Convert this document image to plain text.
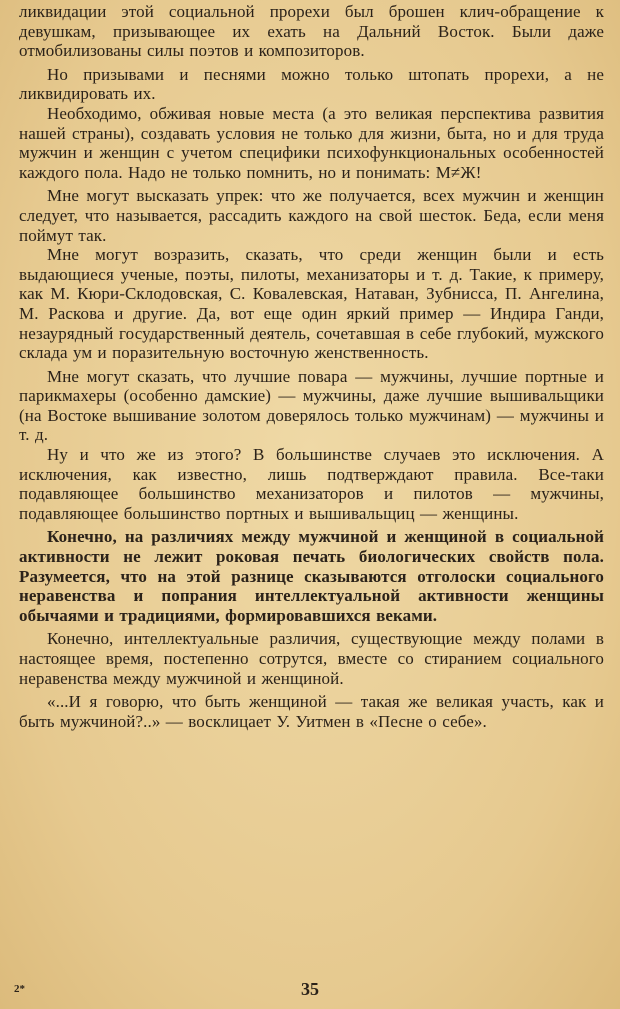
ликвидации этой социальной прорехи был брошен клич-обращение к девушкам, призывающее их ехать на Дальний Восток. Были даже отмобилизованы силы поэтов и композиторов.

Но призывами и песнями можно только штопать прорехи, а не ликвидировать их.

Необходимо, обживая новые места (а это великая перспектива развития нашей страны), создавать условия не только для жизни, быта, но и для труда мужчин и женщин с учетом специфики психофункциональных особенностей каждого пола. Надо не только помнить, но и понимать: М≠Ж!

Мне могут высказать упрек: что же получается, всех мужчин и женщин следует, что называется, рассадить каждого на свой шесток. Беда, если меня поймут так.

Мне могут возразить, сказать, что среди женщин были и есть выдающиеся ученые, поэты, пилоты, механизаторы и т. д. Такие, к примеру, как М. Кюри-Склодовская, С. Ковалевская, Натаван, Зубнисса, П. Ангелина, М. Раскова и другие. Да, вот еще один яркий пример — Индира Ганди, незаурядный государственный деятель, сочетавшая в себе глубокий, мужского склада ум и поразительную восточную женственность.

Мне могут сказать, что лучшие повара — мужчины, лучшие портные и парикмахеры (особенно дамские) — мужчины, даже лучшие вышивальщики (на Востоке вышивание золотом доверялось только мужчинам) — мужчины и т. д.

Ну и что же из этого? В большинстве случаев это исключения. А исключения, как известно, лишь подтверждают правила. Все-таки подавляющее большинство механизаторов и пилотов — мужчины, подавляющее большинство портных и вышивальщиц — женщины.

Конечно, на различиях между мужчиной и женщиной в социальной активности не лежит роковая печать биологических свойств пола. Разумеется, что на этой разнице сказываются отголоски социального неравенства и попрания интеллектуальной активности женщины обычаями и традициями, формировавшихся веками.

Конечно, интеллектуальные различия, существующие между полами в настоящее время, постепенно сотрутся, вместе со стиранием социального неравенства между мужчиной и женщиной.

«...И я говорю, что быть женщиной — такая же великая участь, как и быть мужчиной?..» — восклицает У. Уитмен в «Песне о себе».

2*	35
